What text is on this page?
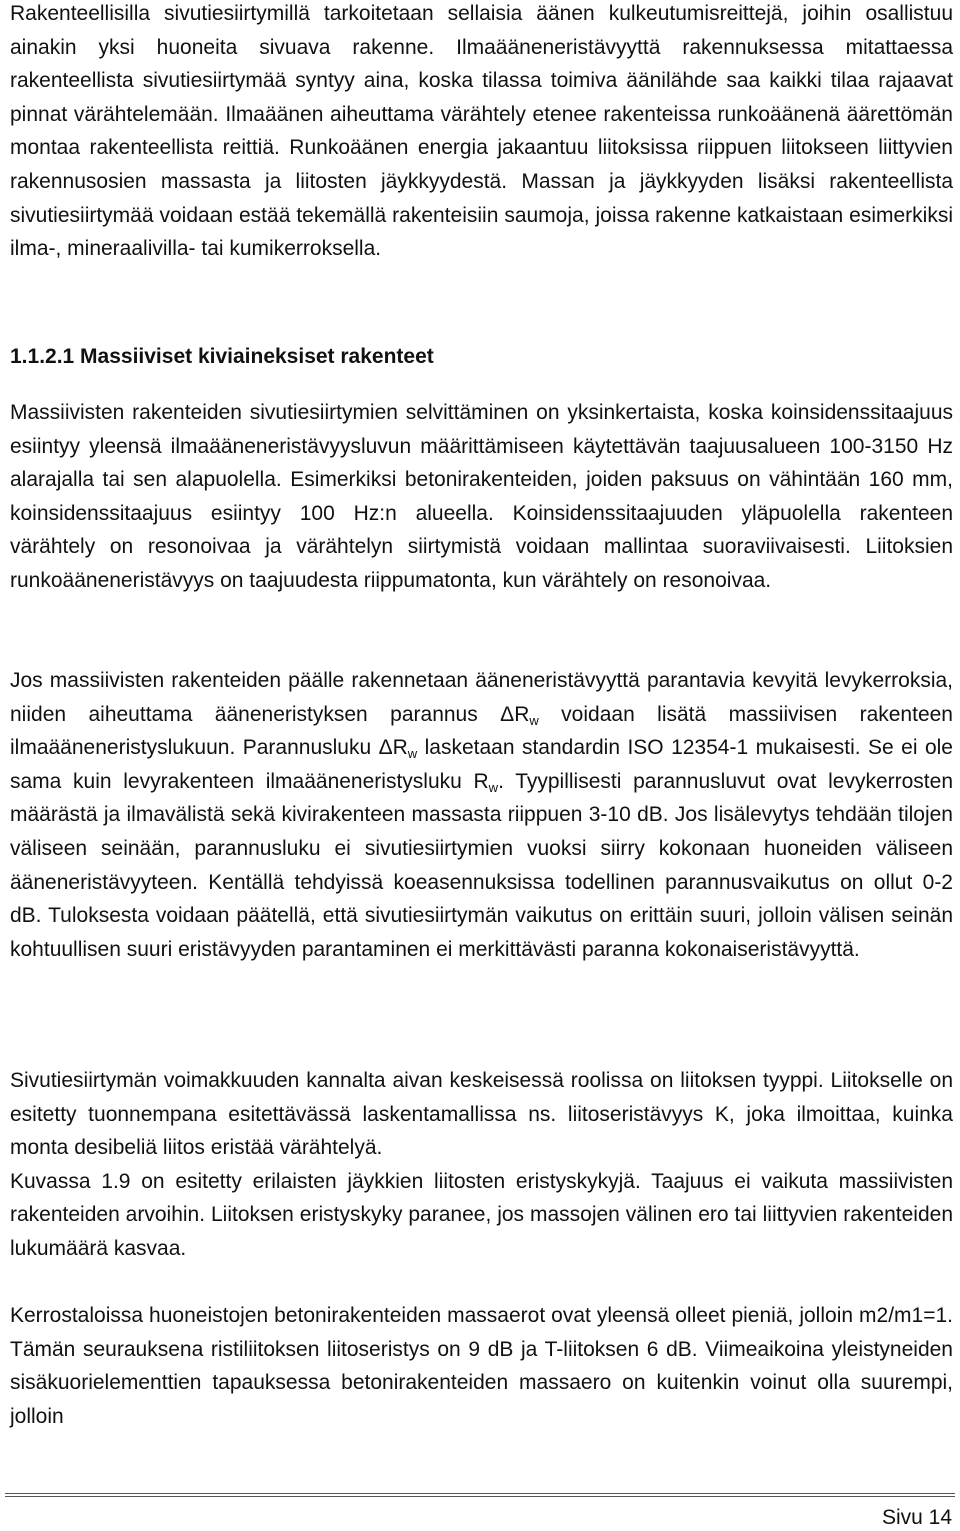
Rakenteellisilla sivutiesiirtymillä tarkoitetaan sellaisia äänen kulkeutumisreittejä, joihin osallistuu ainakin yksi huoneita sivuava rakenne. Ilmaääneneristävyyttä rakennuksessa mitattaessa rakenteellista sivutiesiirtymää syntyy aina, koska tilassa toimiva äänilähde saa kaikki tilaa rajaavat pinnat värähtelemään. Ilmaäänen aiheuttama värähtely etenee rakenteissa runkoäänenä äärettömän montaa rakenteellista reittiä. Runkoäänen energia jakaantuu liitoksissa riippuen liitokseen liittyvien rakennusosien massasta ja liitosten jäykkyydestä. Massan ja jäykkyyden lisäksi rakenteellista sivutiesiirtymää voidaan estää tekemällä rakenteisiin saumoja, joissa rakenne katkaistaan esimerkiksi ilma-, mineraalivilla- tai kumikerroksella.

1.1.2.1 Massiiviset kiviaineksiset rakenteet

Massiivisten rakenteiden sivutiesiirtymien selvittäminen on yksinkertaista, koska koinsidenssitaajuus esiintyy yleensä ilmaääneneristävyysluvun määrittämiseen käytettävän taajuusalueen 100-3150 Hz alarajalla tai sen alapuolella. Esimerkiksi betonirakenteiden, joiden paksuus on vähintään 160 mm, koinsidenssitaajuus esiintyy 100 Hz:n alueella. Koinsidenssitaajuuden yläpuolella rakenteen värähtely on resonoivaa ja värähtelyn siirtymistä voidaan mallintaa suoraviivaisesti. Liitoksien runkoääneneristävyys on taajuudesta riippumatonta, kun värähtely on resonoivaa.

Jos massiivisten rakenteiden päälle rakennetaan ääneneristävyyttä parantavia kevyitä levykerroksia, niiden aiheuttama ääneneristyksen parannus $\Delta R_w$ voidaan lisätä massiivisen rakenteen ilmaääneneristyslukuun. Parannusluku $\Delta R_w$ lasketaan standardin ISO 12354-1 mukaisesti. Se ei ole sama kuin levyrakenteen ilmaääneneristysluku $R_w$. Tyypillisesti parannusluvut ovat levykerrosten määrästä ja ilmavälistä sekä kivirakenteen massasta riippuen 3-10 dB. Jos lisälevytys tehdään tilojen väliseen seinään, parannusluku ei sivutiesiirtymien vuoksi siirry kokonaan huoneiden väliseen ääneneristävyyteen. Kentällä tehdyissä koeasennuksissa todellinen parannusvaikutus on ollut 0-2 dB. Tuloksesta voidaan päätellä, että sivutiesiirtymän vaikutus on erittäin suuri, jolloin välisen seinän kohtuullisen suuri eristävyyden parantaminen ei merkittävästi paranna kokonaiseristävyyttä.

Sivutiesiirtymän voimakkuuden kannalta aivan keskeisessä roolissa on liitoksen tyyppi. Liitokselle on esitetty tuonnempana esitettävässä laskentamallissa ns. liitoseristävyys K, joka ilmoittaa, kuinka monta desibeliä liitos eristää värähtelyä.
Kuvassa 1.9 on esitetty erilaisten jäykkien liitosten eristyskykyjä. Taajuus ei vaikuta massiivisten rakenteiden arvoihin. Liitoksen eristyskyky paranee, jos massojen välinen ero tai liittyvien rakenteiden lukumäärä kasvaa.

Kerrostaloissa huoneistojen betonirakenteiden massaerot ovat yleensä olleet pieniä, jolloin m2/m1=1. Tämän seurauksena ristiliitoksen liitoseristys on 9 dB ja T-liitoksen 6 dB. Viimeaikoina yleistyneiden sisäkuorielementtien tapauksessa betonirakenteiden massaero on kuitenkin voinut olla suurempi, jolloin

Sivu 14
